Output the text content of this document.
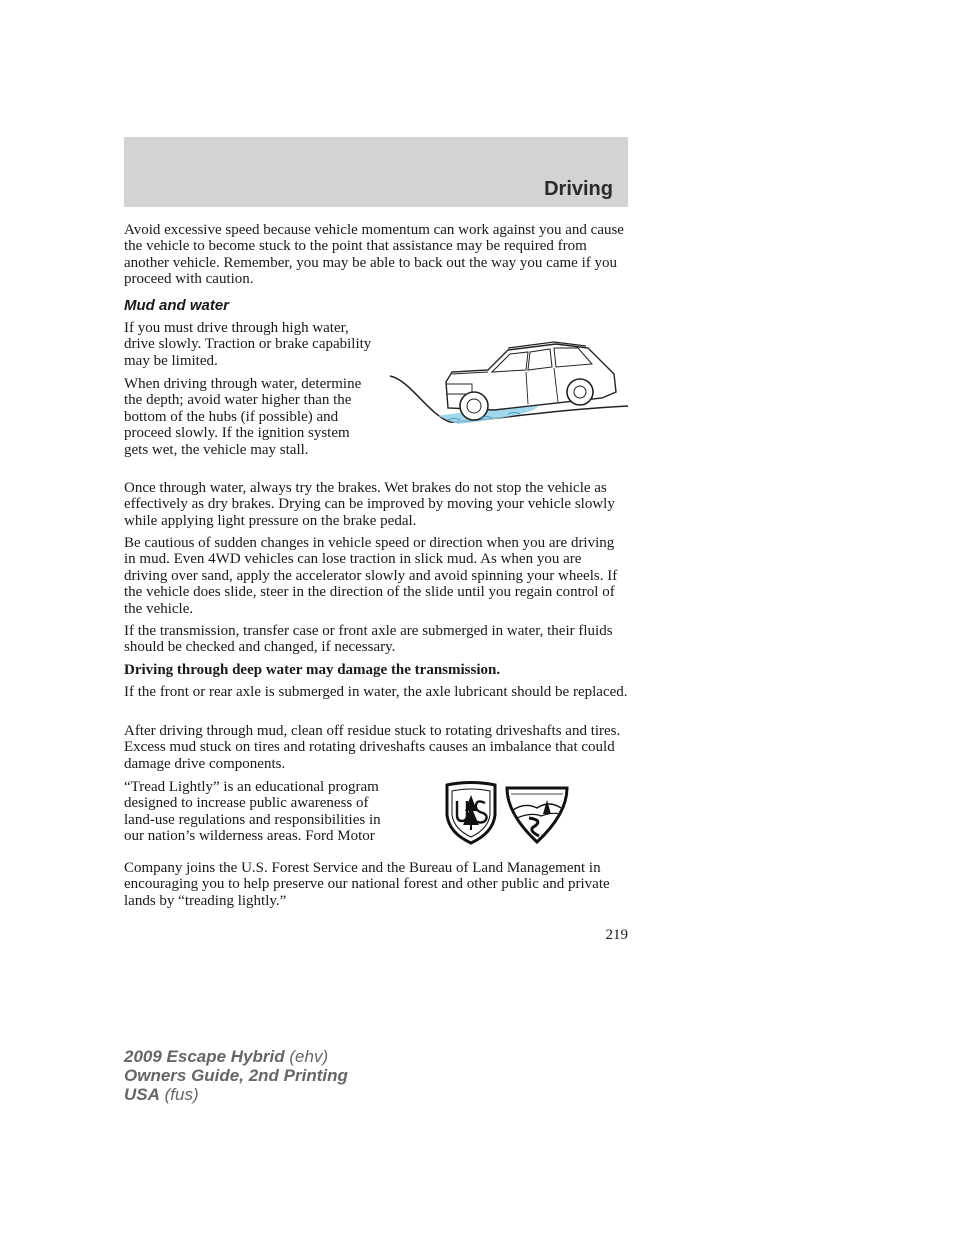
Driving

Avoid excessive speed because vehicle momentum can work against you and cause the vehicle to become stuck to the point that assistance may be required from another vehicle. Remember, you may be able to back out the way you came if you proceed with caution.

Mud and water

If you must drive through high water, drive slowly. Traction or brake capability may be limited.

When driving through water, determine the depth; avoid water higher than the bottom of the hubs (if possible) and proceed slowly. If the ignition system gets wet, the vehicle may stall.

Once through water, always try the brakes. Wet brakes do not stop the vehicle as effectively as dry brakes. Drying can be improved by moving your vehicle slowly while applying light pressure on the brake pedal.

Be cautious of sudden changes in vehicle speed or direction when you are driving in mud. Even 4WD vehicles can lose traction in slick mud. As when you are driving over sand, apply the accelerator slowly and avoid spinning your wheels. If the vehicle does slide, steer in the direction of the slide until you regain control of the vehicle.

If the transmission, transfer case or front axle are submerged in water, their fluids should be checked and changed, if necessary.

Driving through deep water may damage the transmission.

If the front or rear axle is submerged in water, the axle lubricant should be replaced.

After driving through mud, clean off residue stuck to rotating driveshafts and tires. Excess mud stuck on tires and rotating driveshafts causes an imbalance that could damage drive components.

“Tread Lightly” is an educational program designed to increase public awareness of land-use regulations and responsibilities in our nation’s wilderness areas. Ford Motor

Company joins the U.S. Forest Service and the Bureau of Land Management in encouraging you to help preserve our national forest and other public and private lands by “treading lightly.”

219
2009 Escape Hybrid (ehv)
Owners Guide, 2nd Printing
USA (fus)
